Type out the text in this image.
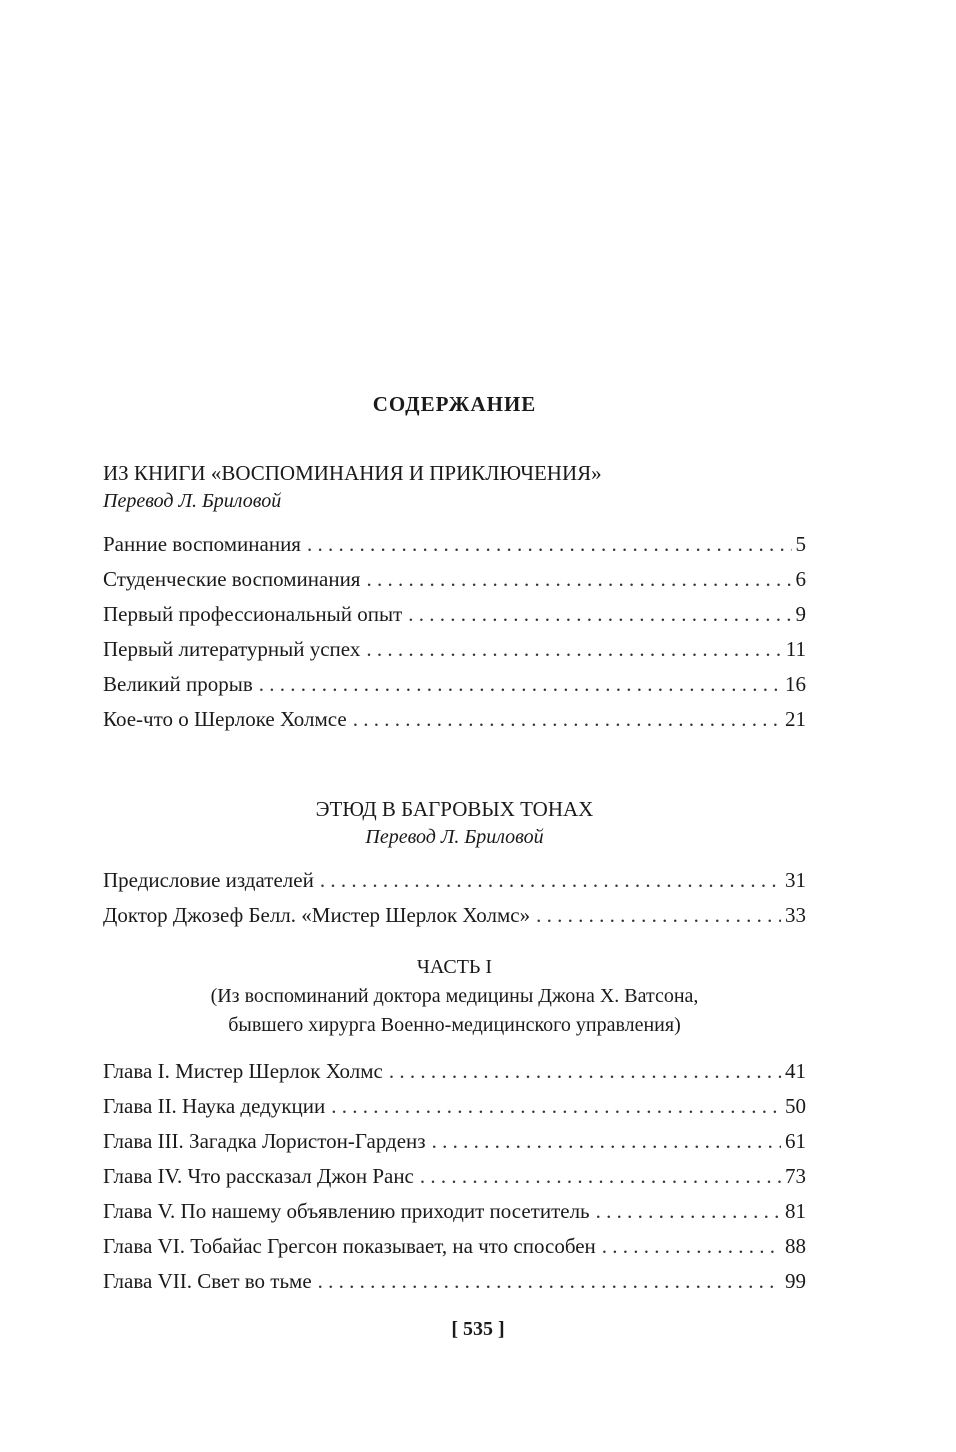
СОДЕРЖАНИЕ
ИЗ КНИГИ «ВОСПОМИНАНИЯ И ПРИКЛЮЧЕНИЯ»
Перевод Л. Бриловой
Ранние воспоминания . . .	5
Студенческие воспоминания . . .	6
Первый профессиональный опыт . . .	9
Первый литературный успех . . .	11
Великий прорыв . . .	16
Кое-что о Шерлоке Холмсе . . .	21
ЭТЮД В БАГРОВЫХ ТОНАХ
Перевод Л. Бриловой
Предисловие издателей . . .	31
Доктор Джозеф Белл. «Мистер Шерлок Холмс» . . .	33
ЧАСТЬ I
(Из воспоминаний доктора медицины Джона Х. Ватсона,
бывшего хирурга Военно-медицинского управления)
Глава I. Мистер Шерлок Холмс . . .	41
Глава II. Наука дедукции . . .	50
Глава III. Загадка Лористон-Гарденз . . .	61
Глава IV. Что рассказал Джон Ранс . . .	73
Глава V. По нашему объявлению приходит посетитель . . .	81
Глава VI. Тобайас Грегсон показывает, на что способен . . .	88
Глава VII. Свет во тьме . . .	99
[ 535 ]
